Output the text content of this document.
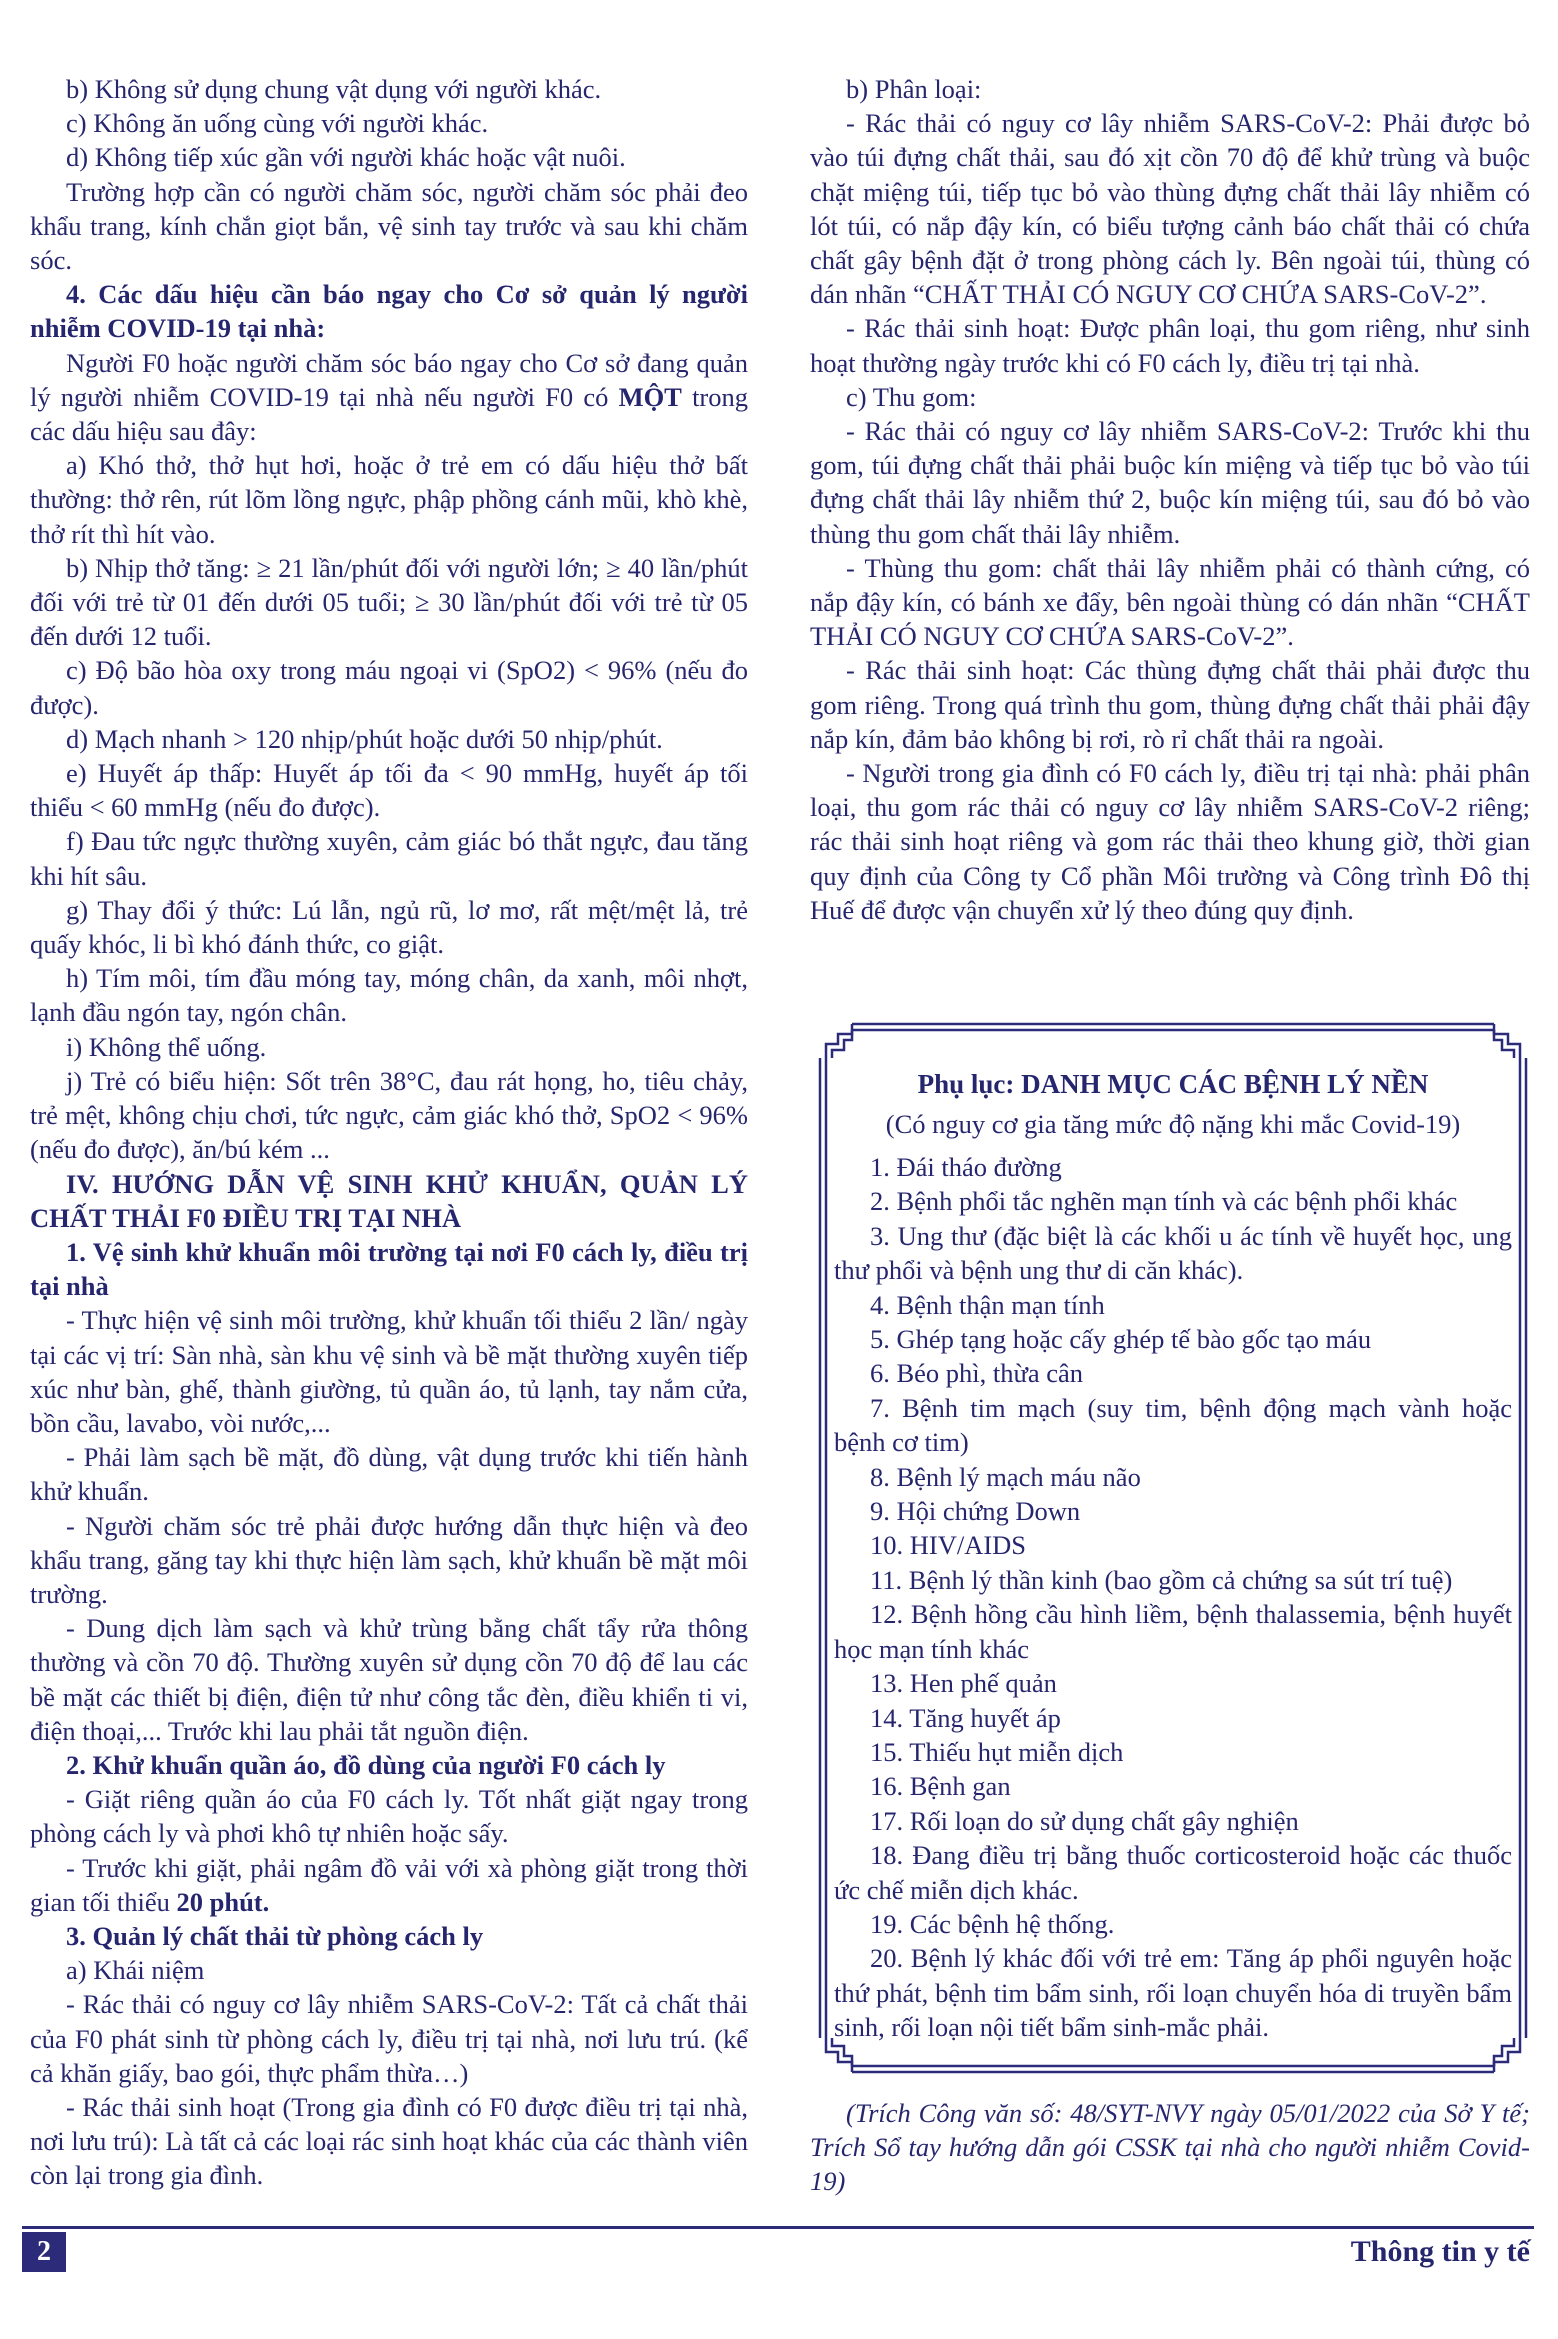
b) Không sử dụng chung vật dụng với người khác.

c) Không ăn uống cùng với người khác.

d) Không tiếp xúc gần với người khác hoặc vật nuôi.

Trường hợp cần có người chăm sóc, người chăm sóc phải đeo khẩu trang, kính chắn giọt bắn, vệ sinh tay trước và sau khi chăm sóc.

4. Các dấu hiệu cần báo ngay cho Cơ sở quản lý người nhiễm COVID-19 tại nhà:

Người F0 hoặc người chăm sóc báo ngay cho Cơ sở đang quản lý người nhiễm COVID-19 tại nhà nếu người F0 có MỘT trong các dấu hiệu sau đây:

a) Khó thở, thở hụt hơi, hoặc ở trẻ em có dấu hiệu thở bất thường: thở rên, rút lõm lồng ngực, phập phồng cánh mũi, khò khè, thở rít thì hít vào.

b) Nhịp thở tăng: ≥ 21 lần/phút đối với người lớn; ≥ 40 lần/phút đối với trẻ từ 01 đến dưới 05 tuổi; ≥ 30 lần/phút đối với trẻ từ 05 đến dưới 12 tuổi.

c) Độ bão hòa oxy trong máu ngoại vi (SpO2) < 96% (nếu đo được).

d) Mạch nhanh > 120 nhịp/phút hoặc dưới 50 nhịp/phút.

e) Huyết áp thấp: Huyết áp tối đa < 90 mmHg, huyết áp tối thiểu < 60 mmHg (nếu đo được).

f) Đau tức ngực thường xuyên, cảm giác bó thắt ngực, đau tăng khi hít sâu.

g) Thay đổi ý thức: Lú lẫn, ngủ rũ, lơ mơ, rất mệt/mệt lả, trẻ quấy khóc, li bì khó đánh thức, co giật.

h) Tím môi, tím đầu móng tay, móng chân, da xanh, môi nhợt, lạnh đầu ngón tay, ngón chân.

i) Không thể uống.

j) Trẻ có biểu hiện: Sốt trên 38°C, đau rát họng, ho, tiêu chảy, trẻ mệt, không chịu chơi, tức ngực, cảm giác khó thở, SpO2 < 96% (nếu đo được), ăn/bú kém ...

IV. HƯỚNG DẪN VỆ SINH KHỬ KHUẨN, QUẢN LÝ CHẤT THẢI F0 ĐIỀU TRỊ TẠI NHÀ

1. Vệ sinh khử khuẩn môi trường tại nơi F0 cách ly, điều trị tại nhà

- Thực hiện vệ sinh môi trường, khử khuẩn tối thiểu 2 lần/ ngày tại các vị trí: Sàn nhà, sàn khu vệ sinh và bề mặt thường xuyên tiếp xúc như bàn, ghế, thành giường, tủ quần áo, tủ lạnh, tay nắm cửa, bồn cầu, lavabo, vòi nước,...

- Phải làm sạch bề mặt, đồ dùng, vật dụng trước khi tiến hành khử khuẩn.

- Người chăm sóc trẻ phải được hướng dẫn thực hiện và đeo khẩu trang, găng tay khi thực hiện làm sạch, khử khuẩn bề mặt môi trường.

- Dung dịch làm sạch và khử trùng bằng chất tẩy rửa thông thường và cồn 70 độ. Thường xuyên sử dụng cồn 70 độ để lau các bề mặt các thiết bị điện, điện tử như công tắc đèn, điều khiển ti vi, điện thoại,... Trước khi lau phải tắt nguồn điện.

2. Khử khuẩn quần áo, đồ dùng của người F0 cách ly

- Giặt riêng quần áo của F0 cách ly. Tốt nhất giặt ngay trong phòng cách ly và phơi khô tự nhiên hoặc sấy.

- Trước khi giặt, phải ngâm đồ vải với xà phòng giặt trong thời gian tối thiểu 20 phút.

3. Quản lý chất thải từ phòng cách ly

a) Khái niệm

- Rác thải có nguy cơ lây nhiễm SARS-CoV-2: Tất cả chất thải của F0 phát sinh từ phòng cách ly, điều trị tại nhà, nơi lưu trú. (kể cả khăn giấy, bao gói, thực phẩm thừa…)

- Rác thải sinh hoạt (Trong gia đình có F0 được điều trị tại nhà, nơi lưu trú): Là tất cả các loại rác sinh hoạt khác của các thành viên còn lại trong gia đình.

b) Phân loại:

- Rác thải có nguy cơ lây nhiễm SARS-CoV-2: Phải được bỏ vào túi đựng chất thải, sau đó xịt cồn 70 độ để khử trùng và buộc chặt miệng túi, tiếp tục bỏ vào thùng đựng chất thải lây nhiễm có lót túi, có nắp đậy kín, có biểu tượng cảnh báo chất thải có chứa chất gây bệnh đặt ở trong phòng cách ly. Bên ngoài túi, thùng có dán nhãn “CHẤT THẢI CÓ NGUY CƠ CHỨA SARS-CoV-2”.

- Rác thải sinh hoạt: Được phân loại, thu gom riêng, như sinh hoạt thường ngày trước khi có F0 cách ly, điều trị tại nhà.

c) Thu gom:

- Rác thải có nguy cơ lây nhiễm SARS-CoV-2: Trước khi thu gom, túi đựng chất thải phải buộc kín miệng và tiếp tục bỏ vào túi đựng chất thải lây nhiễm thứ 2, buộc kín miệng túi, sau đó bỏ vào thùng thu gom chất thải lây nhiễm.

- Thùng thu gom: chất thải lây nhiễm phải có thành cứng, có nắp đậy kín, có bánh xe đẩy, bên ngoài thùng có dán nhãn “CHẤT THẢI CÓ NGUY CƠ CHỨA SARS-CoV-2”.

- Rác thải sinh hoạt: Các thùng đựng chất thải phải được thu gom riêng. Trong quá trình thu gom, thùng đựng chất thải phải đậy nắp kín, đảm bảo không bị rơi, rò rỉ chất thải ra ngoài.

- Người trong gia đình có F0 cách ly, điều trị tại nhà: phải phân loại, thu gom rác thải có nguy cơ lây nhiễm SARS-CoV-2 riêng; rác thải sinh hoạt riêng và gom rác thải theo khung giờ, thời gian quy định của Công ty Cổ phần Môi trường và Công trình Đô thị Huế để được vận chuyển xử lý theo đúng quy định.

Phụ lục: DANH MỤC CÁC BỆNH LÝ NỀN
(Có nguy cơ gia tăng mức độ nặng khi mắc Covid-19)

1. Đái tháo đường

2. Bệnh phổi tắc nghẽn mạn tính và các bệnh phổi khác

3. Ung thư (đặc biệt là các khối u ác tính về huyết học, ung thư phổi và bệnh ung thư di căn khác).

4. Bệnh thận mạn tính

5. Ghép tạng hoặc cấy ghép tế bào gốc tạo máu

6. Béo phì, thừa cân

7. Bệnh tim mạch (suy tim, bệnh động mạch vành hoặc bệnh cơ tim)

8. Bệnh lý mạch máu não

9. Hội chứng Down

10. HIV/AIDS

11. Bệnh lý thần kinh (bao gồm cả chứng sa sút trí tuệ)

12. Bệnh hồng cầu hình liềm, bệnh thalassemia, bệnh huyết học mạn tính khác

13. Hen phế quản

14. Tăng huyết áp

15. Thiếu hụt miễn dịch

16. Bệnh gan

17. Rối loạn do sử dụng chất gây nghiện

18. Đang điều trị bằng thuốc corticosteroid hoặc các thuốc ức chế miễn dịch khác.

19. Các bệnh hệ thống.

20. Bệnh lý khác đối với trẻ em: Tăng áp phổi nguyên hoặc thứ phát, bệnh tim bẩm sinh, rối loạn chuyển hóa di truyền bẩm sinh, rối loạn nội tiết bẩm sinh-mắc phải.

(Trích Công văn số: 48/SYT-NVY ngày 05/01/2022 của Sở Y tế; Trích Sổ tay hướng dẫn gói CSSK tại nhà cho người nhiễm Covid-19)

2	Thông tin y tế
